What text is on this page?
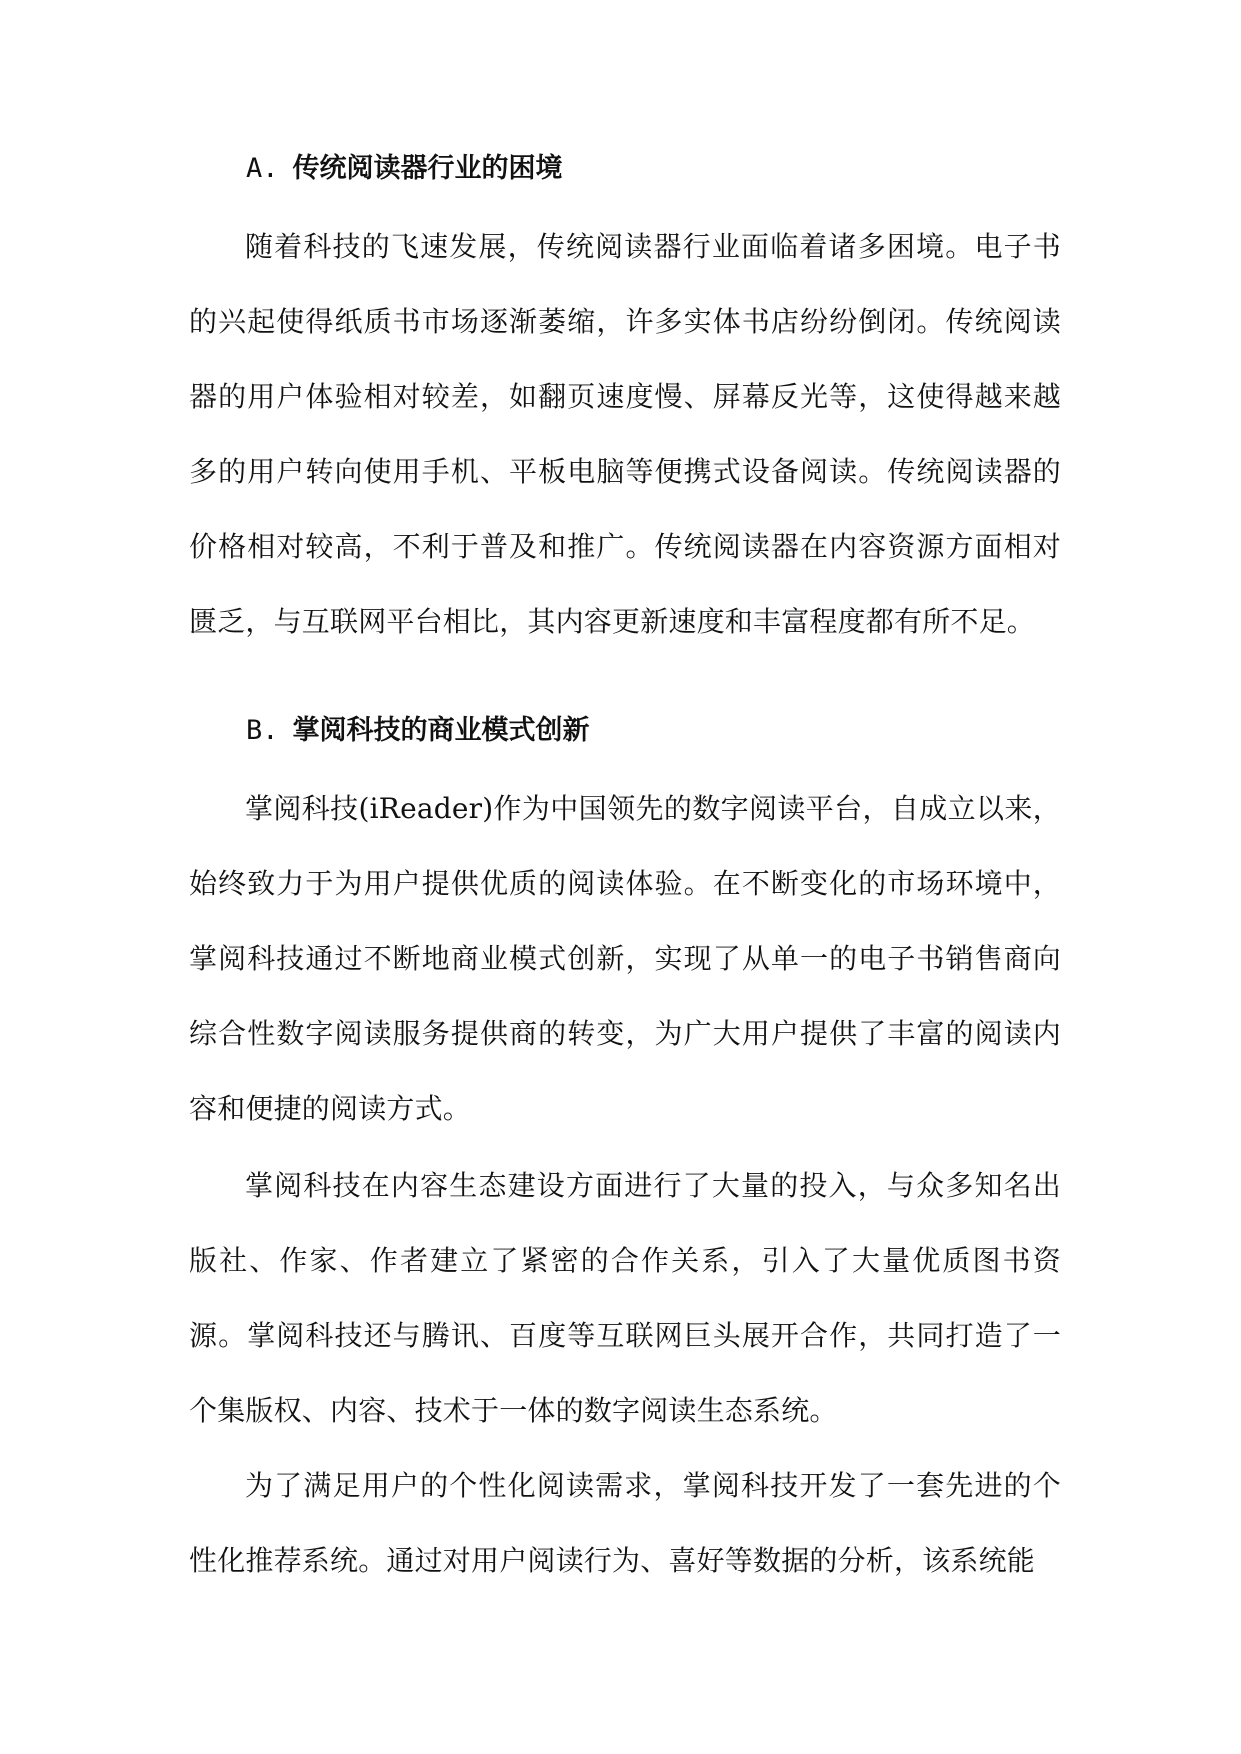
A. 传统阅读器行业的困境

随着科技的飞速发展，传统阅读器行业面临着诸多困境。电子书的兴起使得纸质书市场逐渐萎缩，许多实体书店纷纷倒闭。传统阅读器的用户体验相对较差，如翻页速度慢、屏幕反光等，这使得越来越多的用户转向使用手机、平板电脑等便携式设备阅读。传统阅读器的价格相对较高，不利于普及和推广。传统阅读器在内容资源方面相对匮乏，与互联网平台相比，其内容更新速度和丰富程度都有所不足。

B. 掌阅科技的商业模式创新

掌阅科技(iReader)作为中国领先的数字阅读平台，自成立以来，始终致力于为用户提供优质的阅读体验。在不断变化的市场环境中，掌阅科技通过不断地商业模式创新，实现了从单一的电子书销售商向综合性数字阅读服务提供商的转变，为广大用户提供了丰富的阅读内容和便捷的阅读方式。

掌阅科技在内容生态建设方面进行了大量的投入，与众多知名出版社、作家、作者建立了紧密的合作关系，引入了大量优质图书资源。掌阅科技还与腾讯、百度等互联网巨头展开合作，共同打造了一个集版权、内容、技术于一体的数字阅读生态系统。

为了满足用户的个性化阅读需求，掌阅科技开发了一套先进的个性化推荐系统。通过对用户阅读行为、喜好等数据的分析，该系统能
